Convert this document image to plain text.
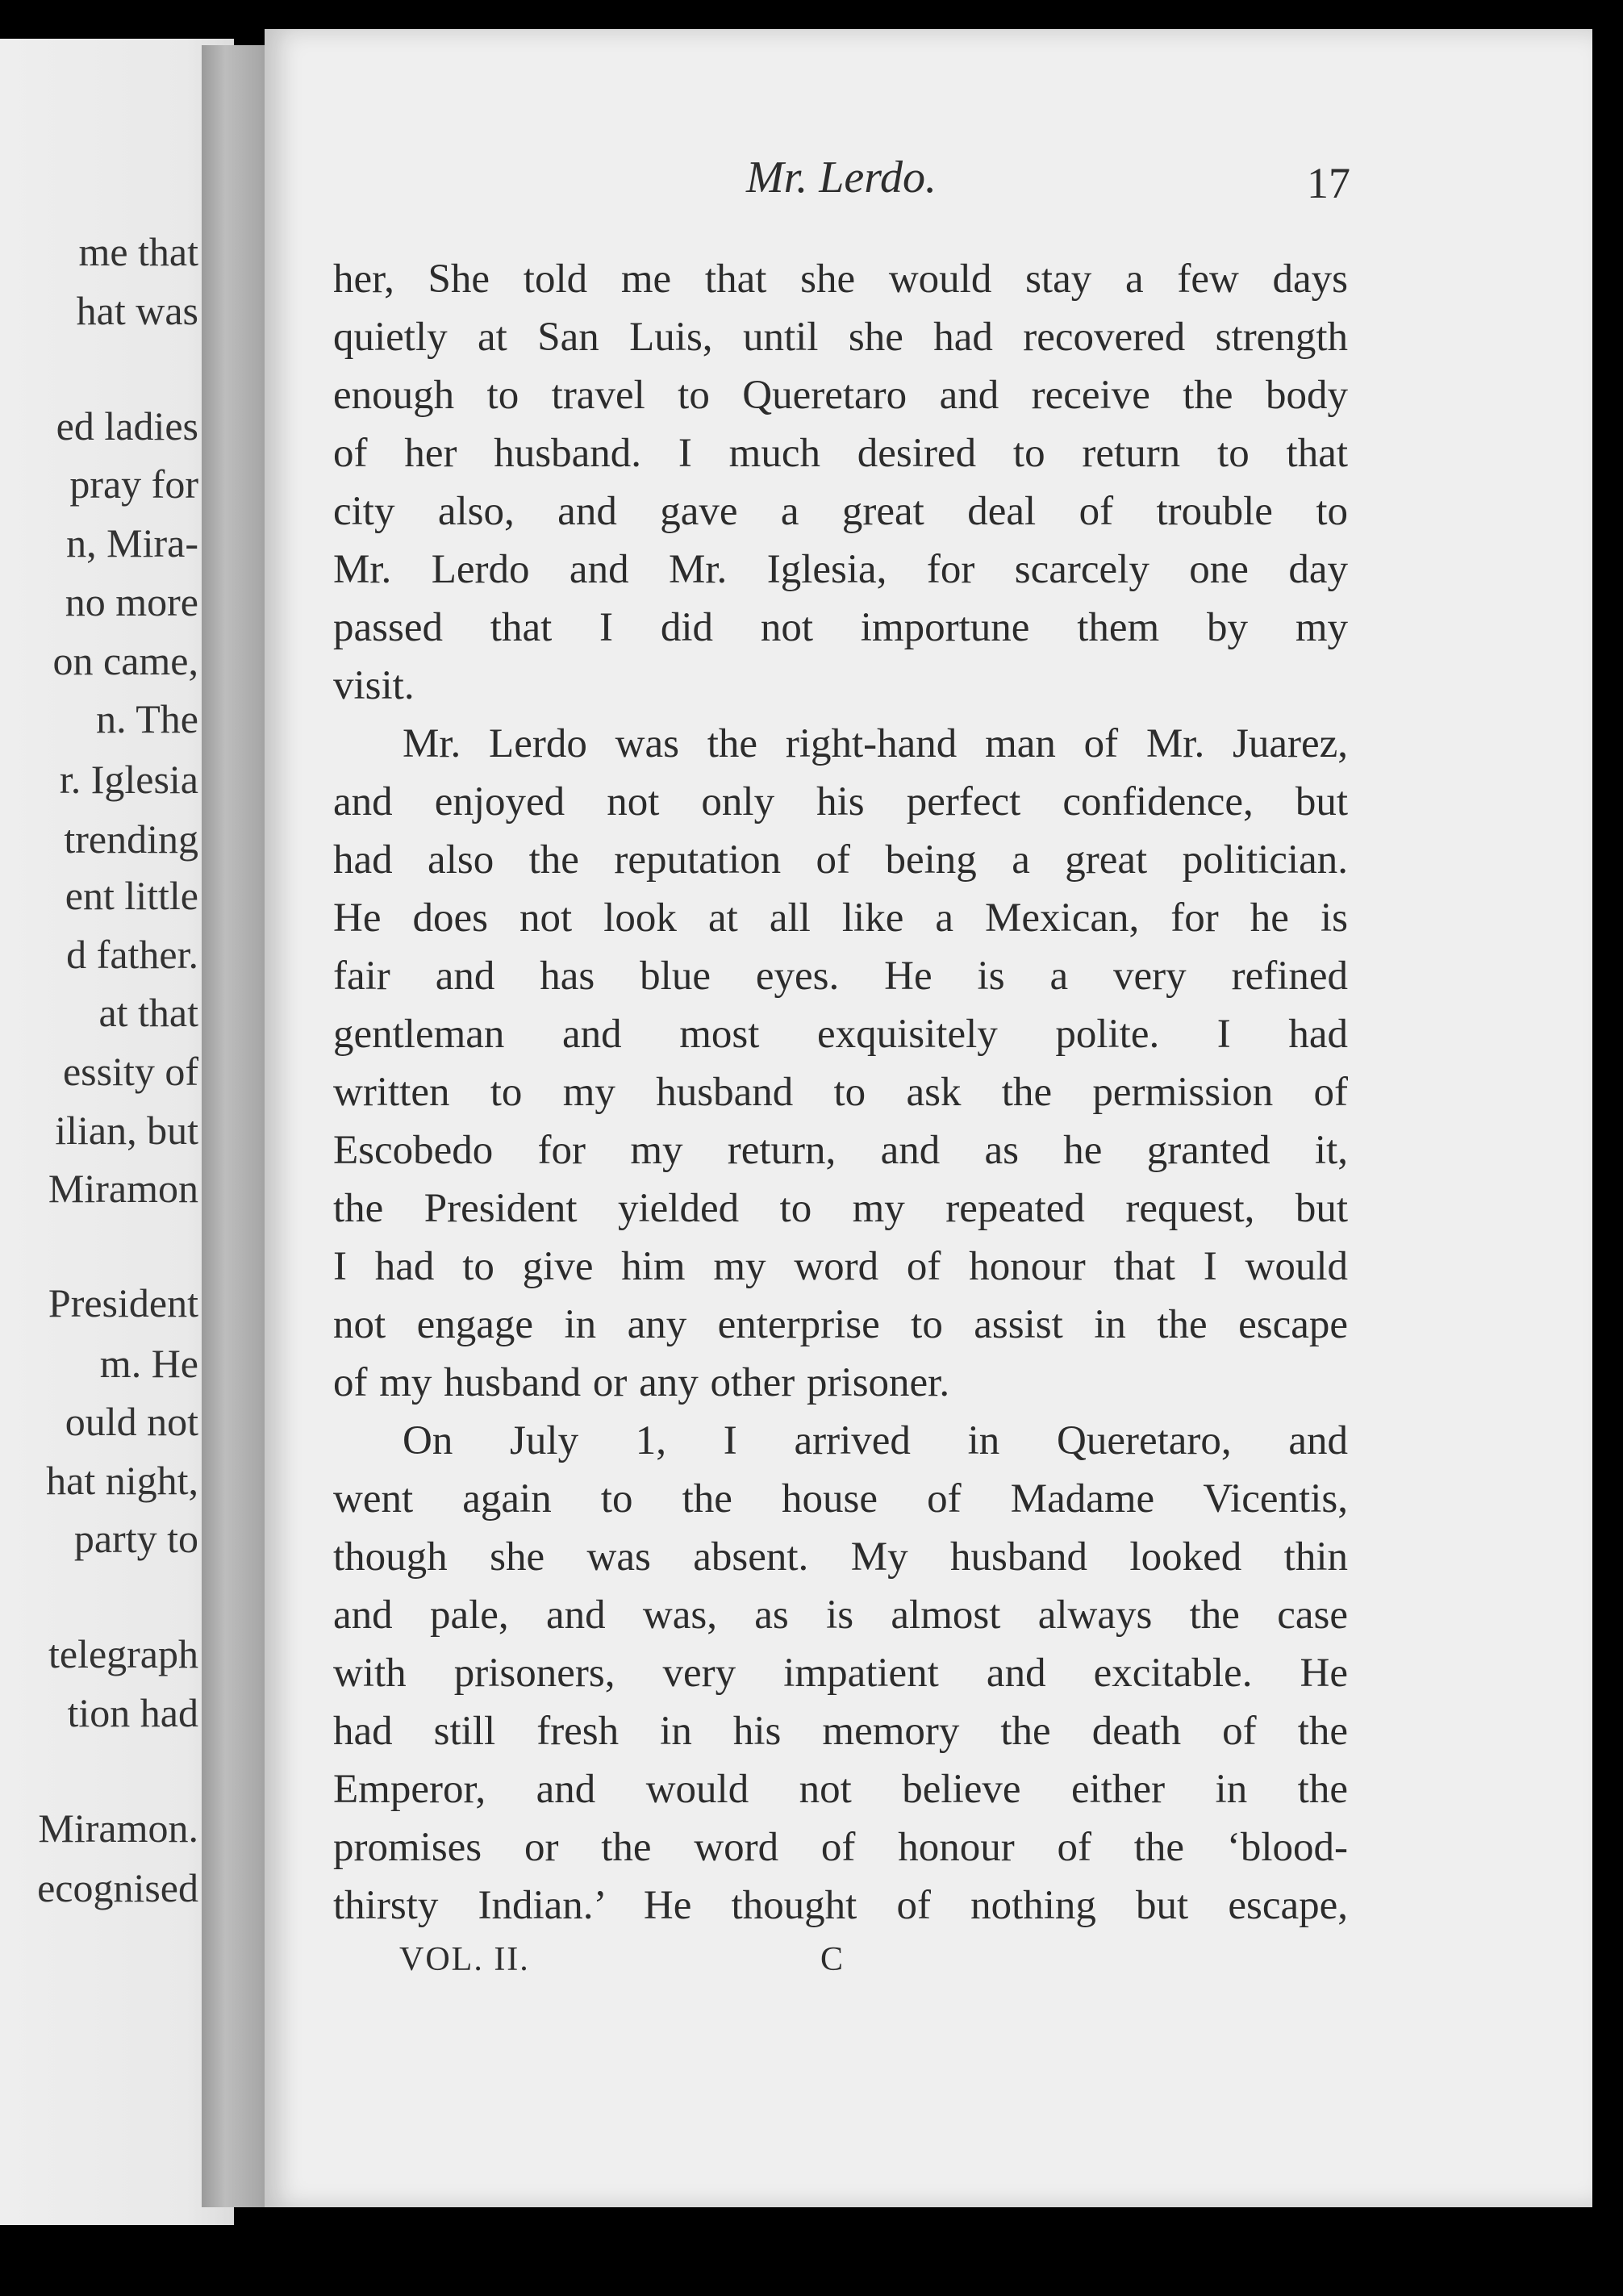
me that
hat was
ed ladies
pray for
n, Mira-
no more
on came,
n. The
r. Iglesia
trending
ent little
d father.
at that
essity of
ilian, but
Miramon
President
m. He
ould not
hat night,
party to
telegraph
tion had
Miramon.
ecognised
Mr. Lerdo.	17
her, She told me that she would stay a few days
quietly at San Luis, until she had recovered strength
enough to travel to Queretaro and receive the body
of her husband. I much desired to return to that
city also, and gave a great deal of trouble to
Mr. Lerdo and Mr. Iglesia, for scarcely one day
passed that I did not importune them by my
visit.
Mr. Lerdo was the right-hand man of Mr. Juarez,
and enjoyed not only his perfect confidence, but
had also the reputation of being a great politician.
He does not look at all like a Mexican, for he is
fair and has blue eyes. He is a very refined
gentleman and most exquisitely polite. I had
written to my husband to ask the permission of
Escobedo for my return, and as he granted it,
the President yielded to my repeated request, but
I had to give him my word of honour that I would
not engage in any enterprise to assist in the escape
of my husband or any other prisoner.
On July 1, I arrived in Queretaro, and
went again to the house of Madame Vicentis,
though she was absent. My husband looked thin
and pale, and was, as is almost always the case
with prisoners, very impatient and excitable. He
had still fresh in his memory the death of the
Emperor, and would not believe either in the
promises or the word of honour of the ‘blood-
thirsty Indian.’ He thought of nothing but escape,
VOL. II.	C
